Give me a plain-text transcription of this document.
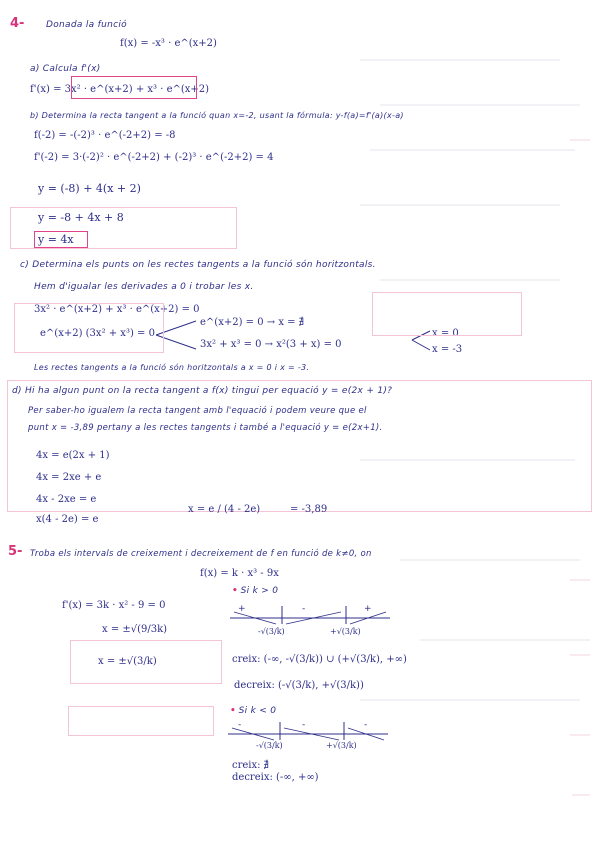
4- Donada la funció
f(x) = -x³ · e^(x+2)
a) Calcula f'(x)
f'(x) = 3x² · e^(x+2) + x³ · e^(x+2)
b) Determina la recta tangent a la funció quan x=-2, usant la fórmula: y-f(a)=f'(a)(x-a)
f(-2) = -(-2)³ · e^(-2+2) = -8
f'(-2) = 3·(-2)² · e^(-2+2) + (-2)³ · e^(-2+2) = 4
y = (-8) + 4(x + 2)
y = -8 + 4x + 8
y = 4x
c) Determina els punts on les rectes tangents a la funció són horitzontals.
Hem d'igualar les derivades a 0 i trobar les x.
3x² · e^(x+2) + x³ · e^(x+2) = 0
e^(x+2) (3x² + x³) = 0
e^(x+2) = 0 → x = ∄
3x² + x³ = 0 → x²(3 + x) = 0
x = 0
x = -3
Les rectes tangents a la funció són horitzontals a x = 0 i x = -3.
d) Hi ha algun punt on la recta tangent a f(x) tingui per equació y = e(2x + 1)?
Per saber-ho igualem la recta tangent amb l'equació i podem veure que el
punt x = -3,89 pertany a les rectes tangents i també a l'equació y = e(2x+1).
4x = e(2x + 1)
4x = 2xe + e
4x - 2xe = e
x(4 - 2e) = e
x = e / (4 - 2e)	= -3,89
5- Troba els intervals de creixement i decreixement de f en funció de k≠0, on
f(x) = k · x³ - 9x
f'(x) = 3k · x² - 9 = 0
x = ±√(9/3k)
x = ±√(3/k)
• Si k > 0
+	-	+
-√(3/k)	+√(3/k)
creix: (-∞, -√(3/k)) ∪ (+√(3/k), +∞)
decreix: (-√(3/k), +√(3/k))
• Si k < 0
-	-	-
-√(3/k)	+√(3/k)
creix: ∄
decreix: (-∞, +∞)
